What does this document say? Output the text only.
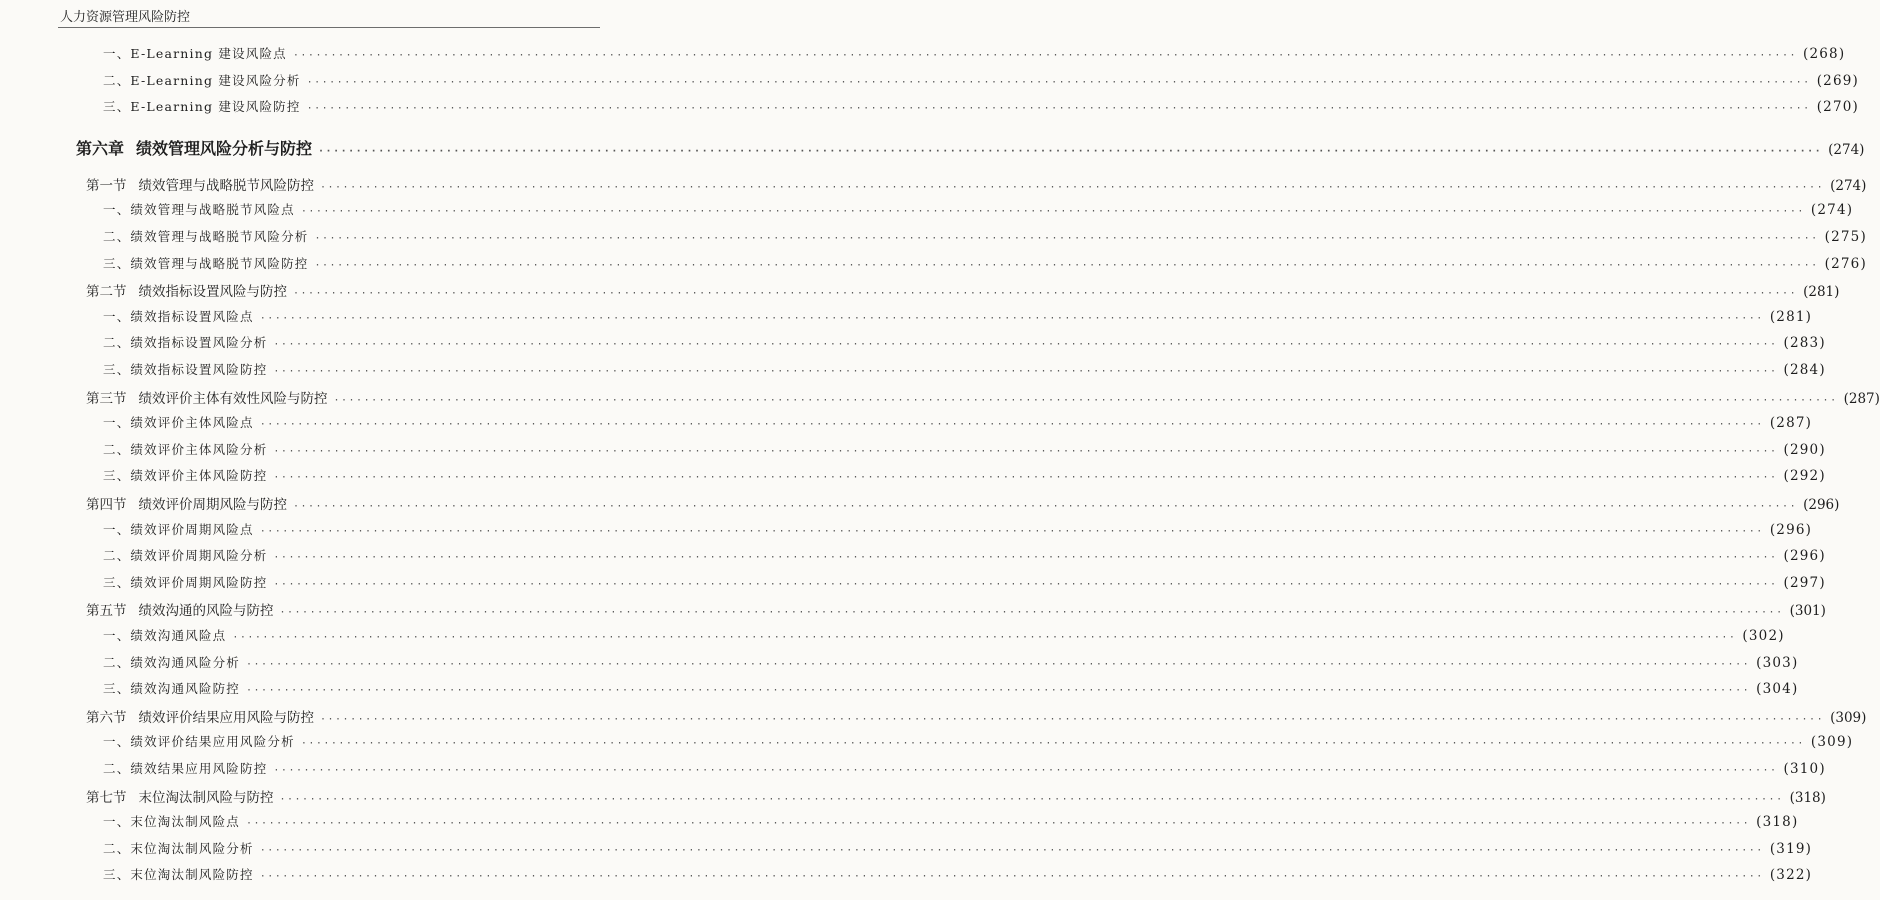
人力资源管理风险防控
一、E-Learning 建设风险点 ········································································································································································································ (268)
二、E-Learning 建设风险分析 ········································································································································································································ (269)
三、E-Learning 建设风险防控 ········································································································································································································ (270)
第六章 绩效管理风险分析与防控 ········································································································································································································ (274)
第一节 绩效管理与战略脱节风险防控 ········································································································································································································ (274)
一、绩效管理与战略脱节风险点 ········································································································································································································ (274)
二、绩效管理与战略脱节风险分析 ········································································································································································································ (275)
三、绩效管理与战略脱节风险防控 ········································································································································································································ (276)
第二节 绩效指标设置风险与防控 ········································································································································································································ (281)
一、绩效指标设置风险点 ········································································································································································································ (281)
二、绩效指标设置风险分析 ········································································································································································································ (283)
三、绩效指标设置风险防控 ········································································································································································································ (284)
第三节 绩效评价主体有效性风险与防控 ········································································································································································································ (287)
一、绩效评价主体风险点 ········································································································································································································ (287)
二、绩效评价主体风险分析 ········································································································································································································ (290)
三、绩效评价主体风险防控 ········································································································································································································ (292)
第四节 绩效评价周期风险与防控 ········································································································································································································ (296)
一、绩效评价周期风险点 ········································································································································································································ (296)
二、绩效评价周期风险分析 ········································································································································································································ (296)
三、绩效评价周期风险防控 ········································································································································································································ (297)
第五节 绩效沟通的风险与防控 ········································································································································································································ (301)
一、绩效沟通风险点 ········································································································································································································ (302)
二、绩效沟通风险分析 ········································································································································································································ (303)
三、绩效沟通风险防控 ········································································································································································································ (304)
第六节 绩效评价结果应用风险与防控 ········································································································································································································ (309)
一、绩效评价结果应用风险分析 ········································································································································································································ (309)
二、绩效结果应用风险防控 ········································································································································································································ (310)
第七节 末位淘汰制风险与防控 ········································································································································································································ (318)
一、末位淘汰制风险点 ········································································································································································································ (318)
二、末位淘汰制风险分析 ········································································································································································································ (319)
三、末位淘汰制风险防控 ········································································································································································································ (322)
